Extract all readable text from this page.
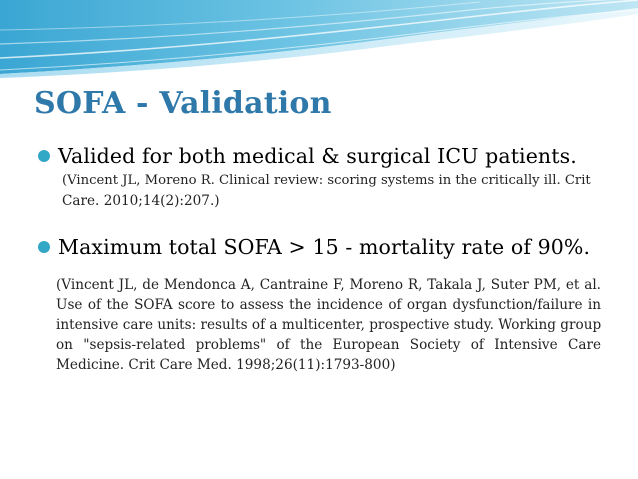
SOFA - Validation
Valided for both medical & surgical ICU patients.
(Vincent JL, Moreno R. Clinical review: scoring systems in the critically ill. Crit
Care. 2010;14(2):207.)
Maximum total SOFA > 15 - mortality rate of 90%.
(Vincent JL, de Mendonca A, Cantraine F, Moreno R, Takala J, Suter PM, et al.
Use of the SOFA score to assess the incidence of organ dysfunction/failure in
intensive care units: results of a multicenter, prospective study. Working group
on "sepsis-related problems" of the European Society of Intensive Care
Medicine. Crit Care Med. 1998;26(11):1793-800)
